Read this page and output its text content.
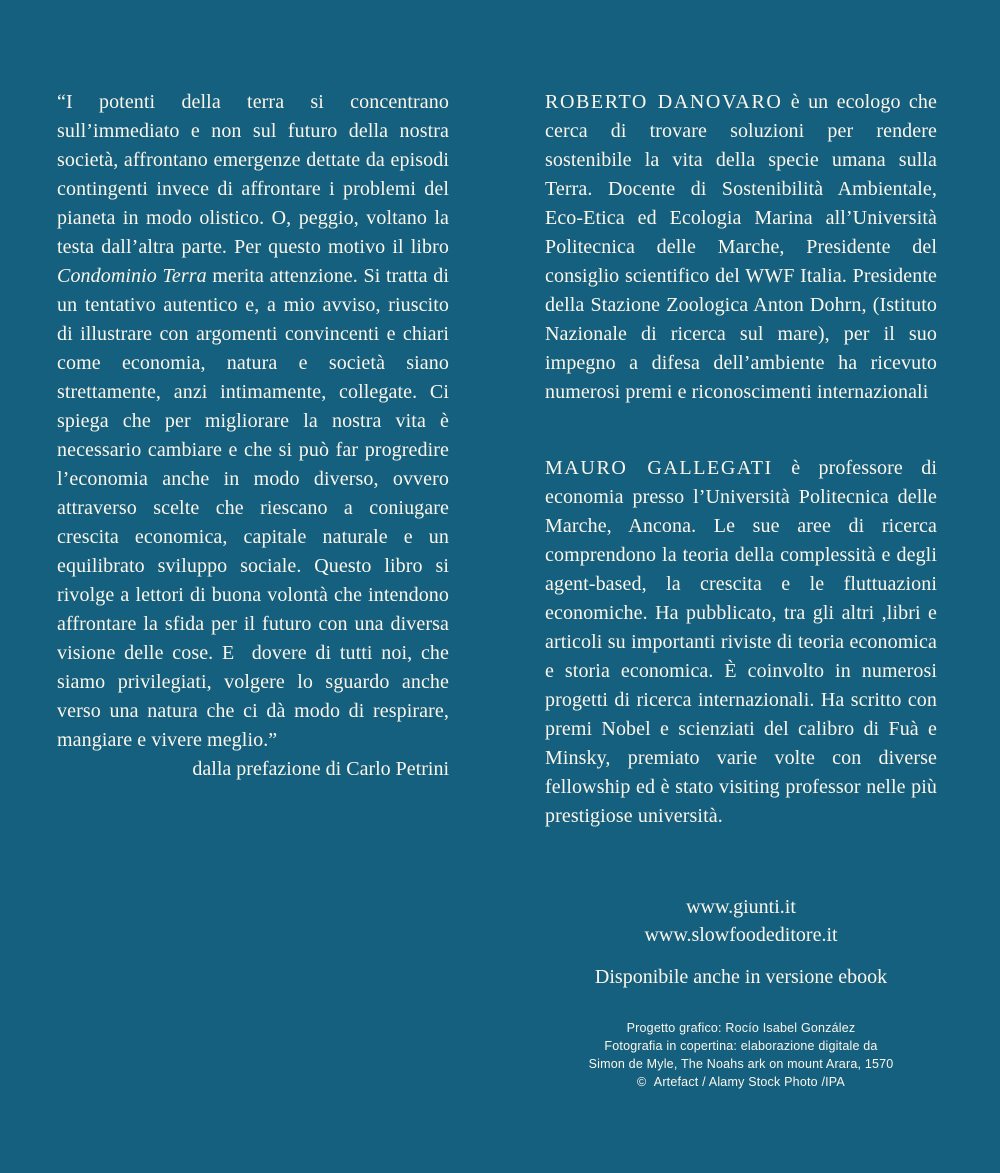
“I potenti della terra si concentrano sull’immediato e non sul futuro della nostra società, affrontano emergenze dettate da episodi contingenti invece di affrontare i problemi del pianeta in modo olistico. O, peggio, voltano la testa dall’altra parte. Per questo motivo il libro Condominio Terra merita attenzione. Si tratta di un tentativo autentico e, a mio avviso, riuscito di illustrare con argomenti convincenti e chiari come economia, natura e società siano strettamente, anzi intimamente, collegate. Ci spiega che per migliorare la nostra vita è necessario cambiare e che si può far progredire l’economia anche in modo diverso, ovvero attraverso scelte che riescano a coniugare crescita economica, capitale naturale e un equilibrato sviluppo sociale. Questo libro si rivolge a lettori di buona volontà che intendono affrontare la sfida per il futuro con una diversa visione delle cose. E  dovere di tutti noi, che siamo privilegiati, volgere lo sguardo anche verso una natura che ci dà modo di respirare, mangiare e vivere meglio.”

dalla prefazione di Carlo Petrini

ROBERTO DANOVARO è un ecologo che cerca di trovare soluzioni per rendere sostenibile la vita della specie umana sulla Terra. Docente di Sostenibilità Ambientale, Eco-Etica ed Ecologia Marina all’Università Politecnica delle Marche, Presidente del consiglio scientifico del WWF Italia. Presidente della Stazione Zoologica Anton Dohrn, (Istituto Nazionale di ricerca sul mare), per il suo impegno a difesa dell’ambiente ha ricevuto numerosi premi e riconoscimenti internazionali

MAURO GALLEGATI è professore di economia presso l’Università Politecnica delle Marche, Ancona. Le sue aree di ricerca comprendono la teoria della complessità e degli agent-based, la crescita e le fluttuazioni economiche. Ha pubblicato, tra gli altri ,libri e articoli su importanti riviste di teoria economica e storia economica. È coinvolto in numerosi progetti di ricerca internazionali. Ha scritto con premi Nobel e scienziati del calibro di Fuà e Minsky, premiato varie volte con diverse fellowship ed è stato visiting professor nelle più prestigiose università.

www.giunti.it
www.slowfoodeditore.it
Disponibile anche in versione ebook
Progetto grafico: Rocío Isabel González
Fotografia in copertina: elaborazione digitale da
Simon de Myle, The Noahs ark on mount Arara, 1570
©  Artefact / Alamy Stock Photo /IPA
